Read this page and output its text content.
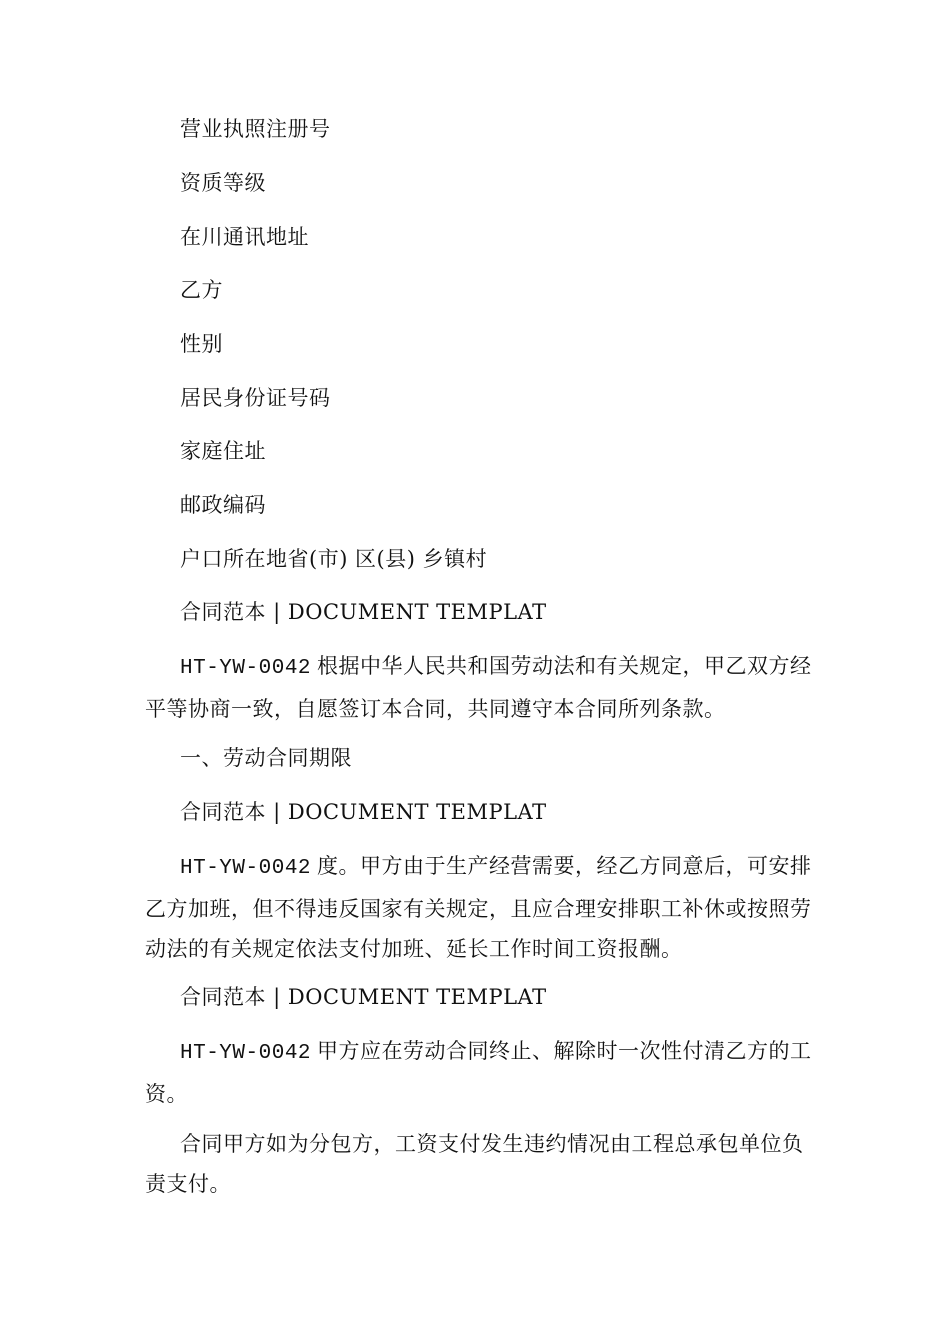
营业执照注册号
资质等级
在川通讯地址
乙方
性别
居民身份证号码
家庭住址
邮政编码
户口所在地省(市) 区(县) 乡镇村
合同范本 | DOCUMENT TEMPLAT
HT-YW-0042 根据中华人民共和国劳动法和有关规定，甲乙双方经平等协商一致，自愿签订本合同，共同遵守本合同所列条款。
一、劳动合同期限
合同范本 | DOCUMENT TEMPLAT
HT-YW-0042 度。甲方由于生产经营需要，经乙方同意后，可安排乙方加班，但不得违反国家有关规定，且应合理安排职工补休或按照劳动法的有关规定依法支付加班、延长工作时间工资报酬。
合同范本 | DOCUMENT TEMPLAT
HT-YW-0042 甲方应在劳动合同终止、解除时一次性付清乙方的工资。
合同甲方如为分包方，工资支付发生违约情况由工程总承包单位负责支付。
